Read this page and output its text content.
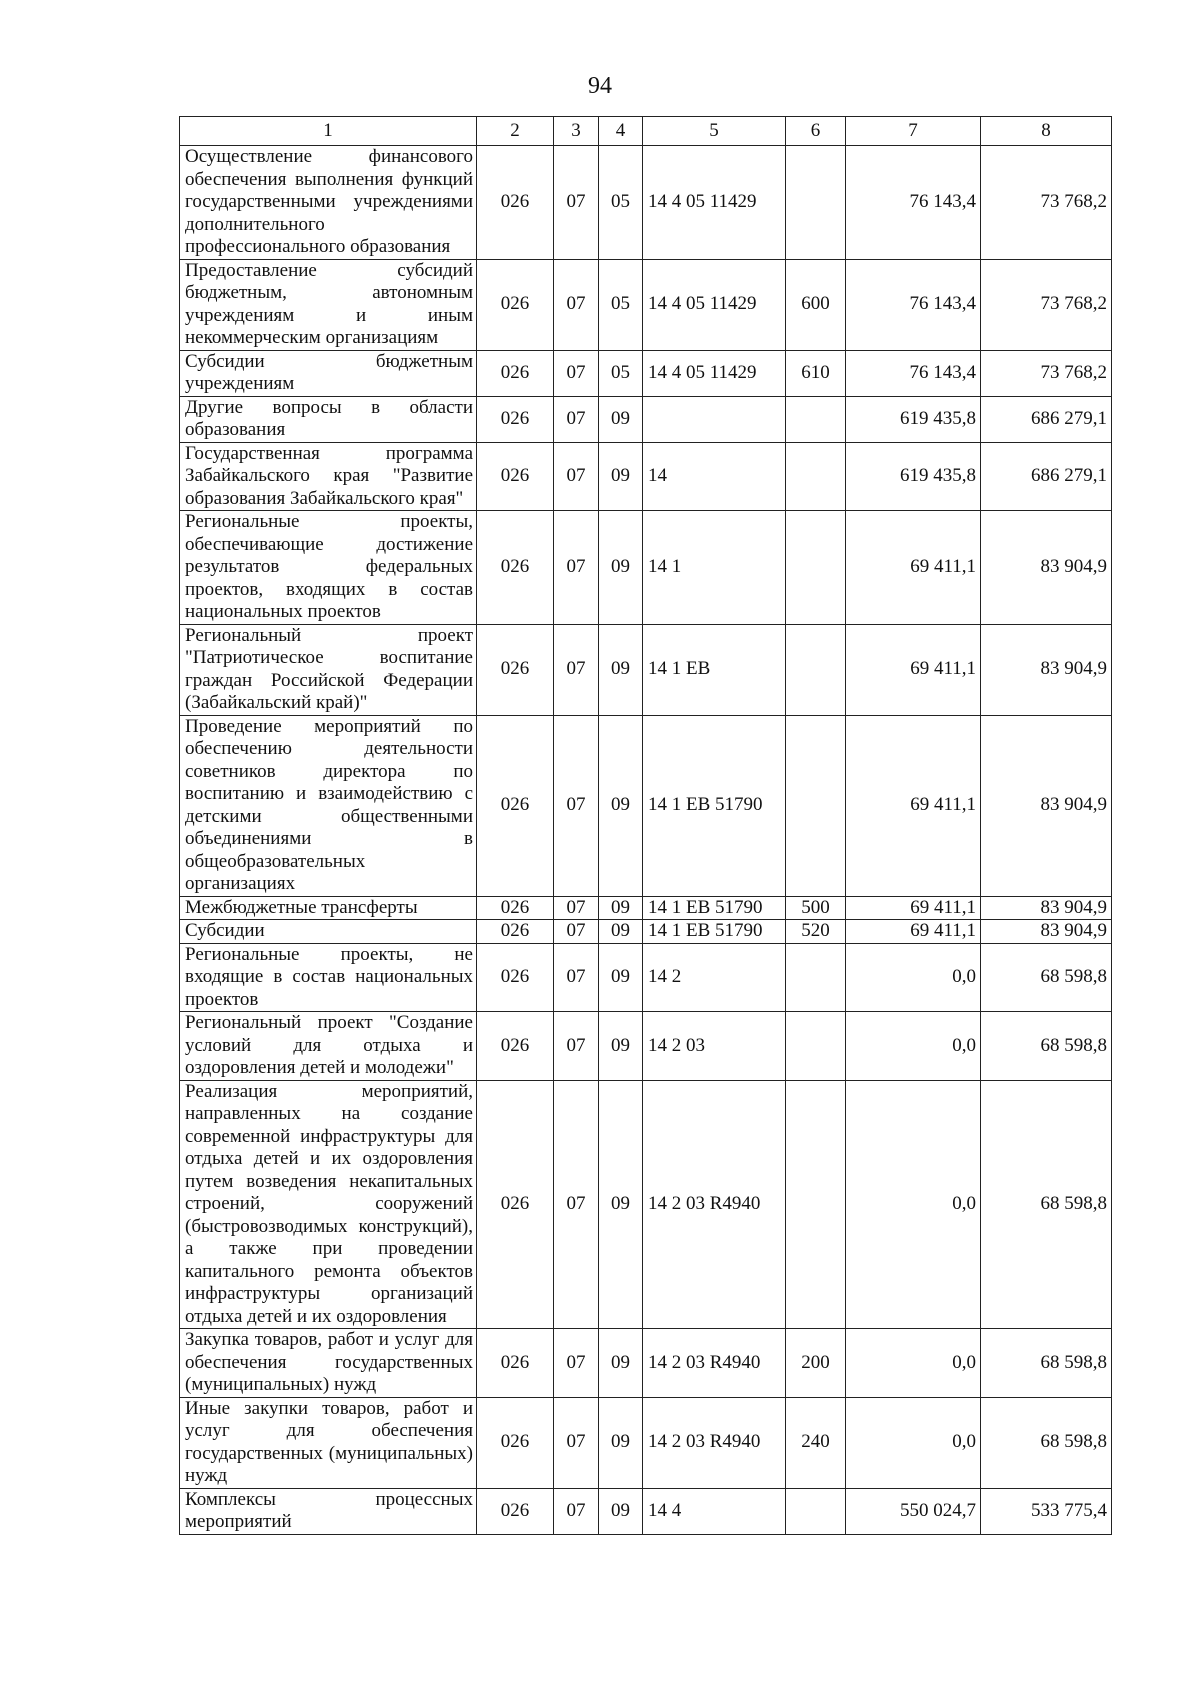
94
1	2	3	4	5	6	7	8
Осуществление финансового обеспечения выполнения функций государственными учреждениями дополнительного профессионального образования	026	07	05	14 4 05 11429		76 143,4	73 768,2
Предоставление субсидий бюджетным, автономным учреждениям и иным некоммерческим организациям	026	07	05	14 4 05 11429	600	76 143,4	73 768,2
Субсидии бюджетным учреждениям	026	07	05	14 4 05 11429	610	76 143,4	73 768,2
Другие вопросы в области образования	026	07	09			619 435,8	686 279,1
Государственная программа Забайкальского края "Развитие образования Забайкальского края"	026	07	09	14		619 435,8	686 279,1
Региональные проекты, обеспечивающие достижение результатов федеральных проектов, входящих в состав национальных проектов	026	07	09	14 1		69 411,1	83 904,9
Региональный проект "Патриотическое воспитание граждан Российской Федерации (Забайкальский край)"	026	07	09	14 1 ЕВ		69 411,1	83 904,9
Проведение мероприятий по обеспечению деятельности советников директора по воспитанию и взаимодействию с детскими общественными объединениями в общеобразовательных организациях	026	07	09	14 1 ЕВ 51790		69 411,1	83 904,9
Межбюджетные трансферты	026	07	09	14 1 ЕВ 51790	500	69 411,1	83 904,9
Субсидии	026	07	09	14 1 ЕВ 51790	520	69 411,1	83 904,9
Региональные проекты, не входящие в состав национальных проектов	026	07	09	14 2		0,0	68 598,8
Региональный проект "Создание условий для отдыха и оздоровления детей и молодежи"	026	07	09	14 2 03		0,0	68 598,8
Реализация мероприятий, направленных на создание современной инфраструктуры для отдыха детей и их оздоровления путем возведения некапитальных строений, сооружений (быстровозводимых конструкций), а также при проведении капитального ремонта объектов инфраструктуры организаций отдыха детей и их оздоровления	026	07	09	14 2 03 R4940		0,0	68 598,8
Закупка товаров, работ и услуг для обеспечения государственных (муниципальных) нужд	026	07	09	14 2 03 R4940	200	0,0	68 598,8
Иные закупки товаров, работ и услуг для обеспечения государственных (муниципальных) нужд	026	07	09	14 2 03 R4940	240	0,0	68 598,8
Комплексы процессных мероприятий	026	07	09	14 4		550 024,7	533 775,4
